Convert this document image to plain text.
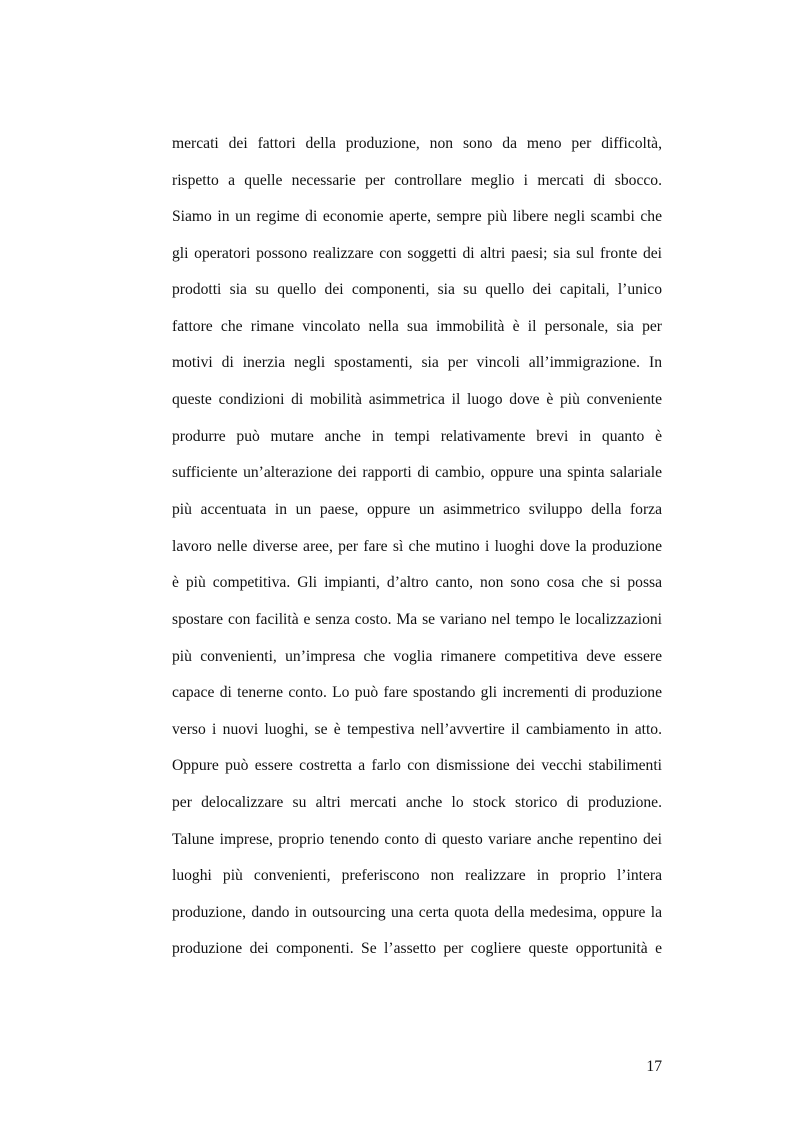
mercati dei fattori della produzione, non sono da meno per difficoltà,
rispetto a quelle necessarie per controllare meglio i mercati di sbocco.
Siamo in un regime di economie aperte, sempre più libere negli scambi che
gli operatori possono realizzare con soggetti di altri paesi; sia sul fronte dei
prodotti sia su quello dei componenti, sia su quello dei capitali, l’unico
fattore che rimane vincolato nella sua immobilità è il personale, sia per
motivi di inerzia negli spostamenti, sia per vincoli all’immigrazione. In
queste condizioni di mobilità asimmetrica il luogo dove è più conveniente
produrre può mutare anche in tempi relativamente brevi in quanto è
sufficiente un’alterazione dei rapporti di cambio, oppure una spinta salariale
più accentuata in un paese, oppure un asimmetrico sviluppo della forza
lavoro nelle diverse aree, per fare sì che mutino i luoghi dove la produzione
è più competitiva. Gli impianti, d’altro canto, non sono cosa che si possa
spostare con facilità e senza costo. Ma se variano nel tempo le localizzazioni
più convenienti, un’impresa che voglia rimanere competitiva deve essere
capace di tenerne conto. Lo può fare spostando gli incrementi di produzione
verso i nuovi luoghi, se è tempestiva nell’avvertire il cambiamento in atto.
Oppure può essere costretta a farlo con dismissione dei vecchi stabilimenti
per delocalizzare su altri mercati anche lo stock storico di produzione.
Talune imprese, proprio tenendo conto di questo variare anche repentino dei
luoghi più convenienti, preferiscono non realizzare in proprio l’intera
produzione, dando in outsourcing una certa quota della medesima, oppure la
produzione dei componenti. Se l’assetto per cogliere queste opportunità e
17
